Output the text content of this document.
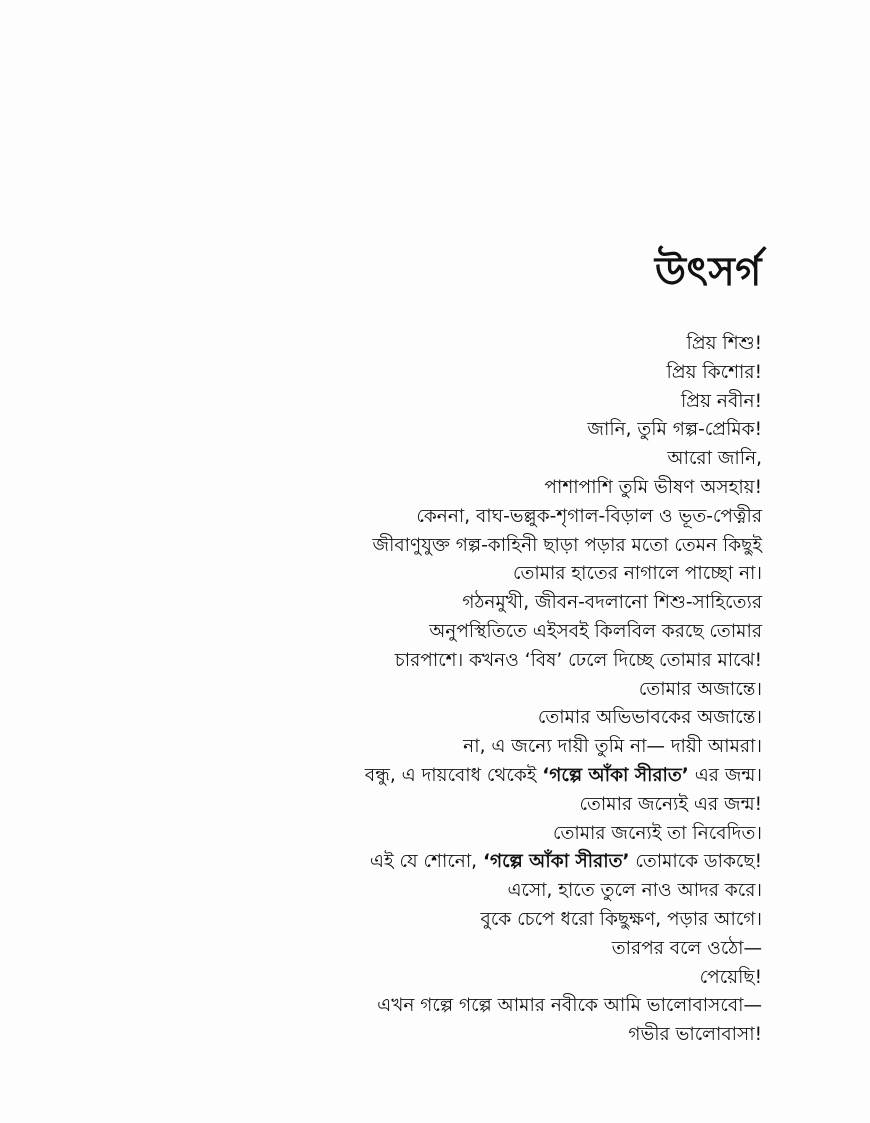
উৎসর্গ
প্রিয় শিশু!
প্রিয় কিশোর!
প্রিয় নবীন!
জানি, তুমি গল্প-প্রেমিক!
আরো জানি,
পাশাপাশি তুমি ভীষণ অসহায়!
কেননা, বাঘ-ভল্লুক-শৃগাল-বিড়াল ও ভূত-পেত্নীর
জীবাণুযুক্ত গল্প-কাহিনী ছাড়া পড়ার মতো তেমন কিছুই
তোমার হাতের নাগালে পাচ্ছো না।
গঠনমুখী, জীবন-বদলানো শিশু-সাহিত্যের
অনুপস্থিতিতে এইসবই কিলবিল করছে তোমার
চারপাশে। কখনও ‘বিষ’ ঢেলে দিচ্ছে তোমার মাঝে!
তোমার অজান্তে।
তোমার অভিভাবকের অজান্তে।
না, এ জন্যে দায়ী তুমি না— দায়ী আমরা।
বন্ধু, এ দায়বোধ থেকেই ‘গল্পে আঁকা সীরাত’ এর জন্ম।
তোমার জন্যেই এর জন্ম!
তোমার জন্যেই তা নিবেদিত।
এই যে শোনো, ‘গল্পে আঁকা সীরাত’ তোমাকে ডাকছে!
এসো, হাতে তুলে নাও আদর করে।
বুকে চেপে ধরো কিছুক্ষণ, পড়ার আগে।
তারপর বলে ওঠো—
পেয়েছি!
এখন গল্পে গল্পে আমার নবীকে আমি ভালোবাসবো—
গভীর ভালোবাসা!
